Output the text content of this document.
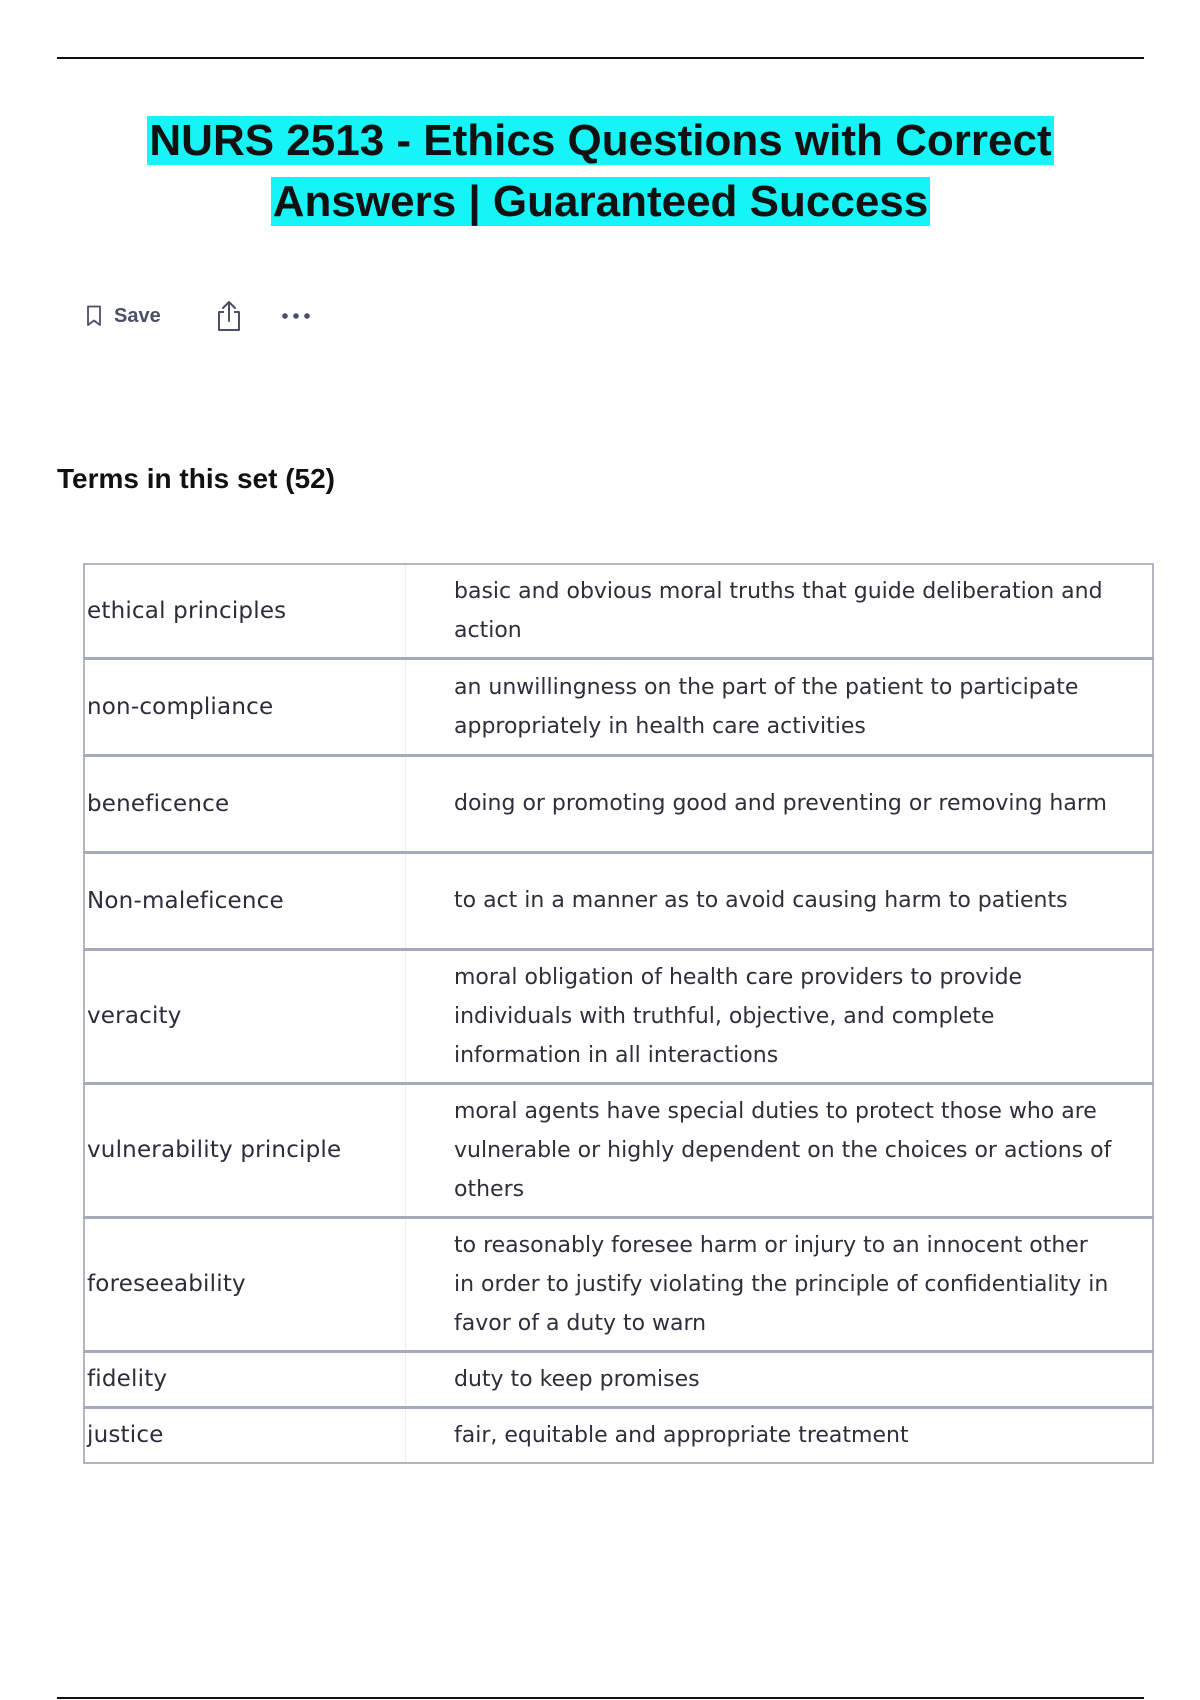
NURS 2513 - Ethics Questions with Correct
Answers | Guaranteed Success
Save
Terms in this set (52)
ethical principles	basic and obvious moral truths that guide deliberation and action
non-compliance	an unwillingness on the part of the patient to participate appropriately in health care activities
beneficence	doing or promoting good and preventing or removing harm
Non-maleficence	to act in a manner as to avoid causing harm to patients
veracity	moral obligation of health care providers to provide individuals with truthful, objective, and complete information in all interactions
vulnerability principle	moral agents have special duties to protect those who are vulnerable or highly dependent on the choices or actions of others
foreseeability	to reasonably foresee harm or injury to an innocent other in order to justify violating the principle of confidentiality in favor of a duty to warn
fidelity	duty to keep promises
justice	fair, equitable and appropriate treatment
